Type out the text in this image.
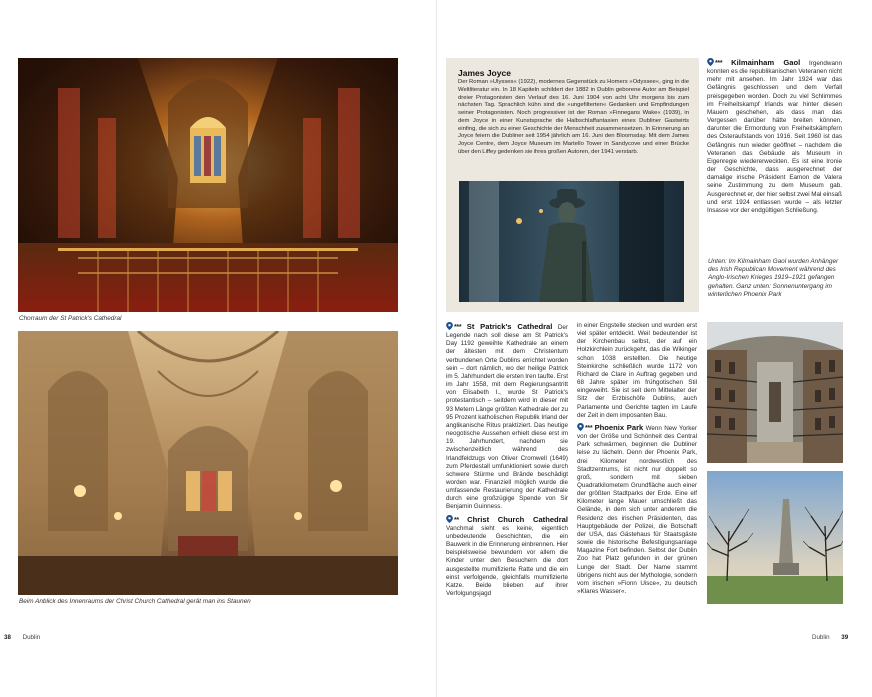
Chorraum der St Patrick's Cathedral
Beim Anblick des Innenraums der Christ Church Cathedral gerät man ins Staunen
38 Dublin
James Joyce
Der Roman »Ulysses« (1922), modernes Gegenstück zu Homers »Odyssee«, ging in die Weltliteratur ein. In 18 Kapiteln schildert der 1882 in Dublin geborene Autor am Beispiel dreier Protagonisten den Verlauf des 16. Juni 1904 von acht Uhr morgens bis zum nächsten Tag. Sprachlich kühn sind die »ungefilterten« Gedanken und Empfindungen seiner Protagonisten. Noch progressiver ist der Roman »Finnegans Wake« (1939), in dem Joyce in einer Kunstsprache die Halbschlaffantasien eines Dubliner Gastwirts einfing, die sich zu einer Geschichte der Menschheit zusammensetzen. In Erinnerung an Joyce feiern die Dubliner seit 1954 jährlich am 16. Juni den Bloomsday. Mit dem James Joyce Centre, dem Joyce Museum im Martello Tower in Sandycove und einer Brücke über den Liffey gedenken sie ihres großen Autoren, der 1941 verstarb.
*** St Patrick's Cathedral Der Legende nach soll diese am St Patrick's Day 1192 geweihte Kathedrale an einem der ältesten mit dem Christentum verbundenen Orte Dublins errichtet worden sein – dort nämlich, wo der heilige Patrick im 5. Jahrhundert die ersten Iren taufte. Erst im Jahr 1558, mit dem Regierungsantritt von Elisabeth I., wurde St Patrick's protestantisch – seitdem wird in dieser mit 93 Metern Länge größten Kathedrale der zu 95 Prozent katholischen Republik Irland der anglikanische Ritus praktiziert. Das heutige neogotische Aussehen erhielt diese erst im 19. Jahrhundert, nachdem sie zwischenzeitlich während des Irlandfeldzugs von Oliver Cromwell (1649) zum Pferdestall umfunktioniert sowie durch schwere Stürme und Brände beschädigt worden war. Finanziell möglich wurde die umfassende Restaurierung der Kathedrale durch eine großzügige Spende von Sir Benjamin Guinness.
** Christ Church Cathedral Vanchmal sieht es keine, eigentlich unbedeutende Geschichten, die ein Bauwerk in die Erinnerung einbrennen. Hier beispielsweise bewundern vor allem die Kinder unter den Besuchern die dort ausgestellte mumifizierte Ratte und die ein einst verfolgende, gleichfalls mumifizierte Katze. Beide blieben auf ihrer Verfolgungsjagd
in einer Engstelle stecken und wurden erst viel später entdeckt. Weil bedeutender ist der Kirchenbau selbst, der auf ein Holzkirchlein zurückgeht, das die Wikinger schon 1038 erstellten. Die heutige Steinkirche schließlich wurde 1172 von Richard de Clare in Auftrag gegeben und 68 Jahre später im frühgotischen Stil eingeweiht. Sie ist seit dem Mittelalter der Sitz der Erzbischöfe Dublins, auch Parlamente und Gerichte tagten im Laufe der Zeit in dem imposanten Bau.
*** Phoenix Park Wenn New Yorker von der Größe und Schönheit des Central Park schwärmen, beginnen die Dubliner leise zu lächeln. Denn der Phoenix Park, drei Kilometer nordwestlich des Stadtzentrums, ist nicht nur doppelt so groß, sondern mit sieben Quadratkilometern Grundfläche auch einer der größten Stadtparks der Erde. Eine elf Kilometer lange Mauer umschließt das Gelände, in dem sich unter anderem die Residenz des irischen Präsidenten, das Hauptgebäude der Polizei, die Botschaft der USA, das Gästehaus für Staatsgäste sowie die historische Befestigungsanlage Magazine Fort befinden. Selbst der Dublin Zoo hat Platz gefunden in der grünen Lunge der Stadt. Der Name stammt übrigens nicht aus der Mythologie, sondern vom irischen »Fionn Uisce«, zu deutsch »Klares Wasser«.
*** Kilmainham Gaol Irgendwann konnten es die republikanischen Veteranen nicht mehr mit ansehen. Im Jahr 1924 war das Gefängnis geschlossen und dem Verfall preisgegeben worden. Doch zu viel Schlimmes im Freiheitskampf Irlands war hinter diesen Mauern geschehen, als dass man das Vergessen darüber hätte breiten können, darunter die Ermordung von Freiheitskämpfern des Osteraufstands von 1916. Seit 1960 ist das Gefängnis nun wieder geöffnet – nachdem die Veteranen das Gebäude als Museum in Eigenregie wiedererweckten. Es ist eine Ironie der Geschichte, dass ausgerechnet der damalige irische Präsident Eamon de Valera seine Zustimmung zu dem Museum gab. Ausgerechnet er, der hier selbst zwei Mal einsaß und erst 1924 entlassen wurde – als letzter Insasse vor der endgültigen Schließung.
Unten: Im Kilmainham Gaol wurden Anhänger des Irish Republican Movement während des Anglo-Irischen Krieges 1919–1921 gefangen gehalten. Ganz unten: Sonnenuntergang im winterlichen Phoenix Park
Dublin 39
